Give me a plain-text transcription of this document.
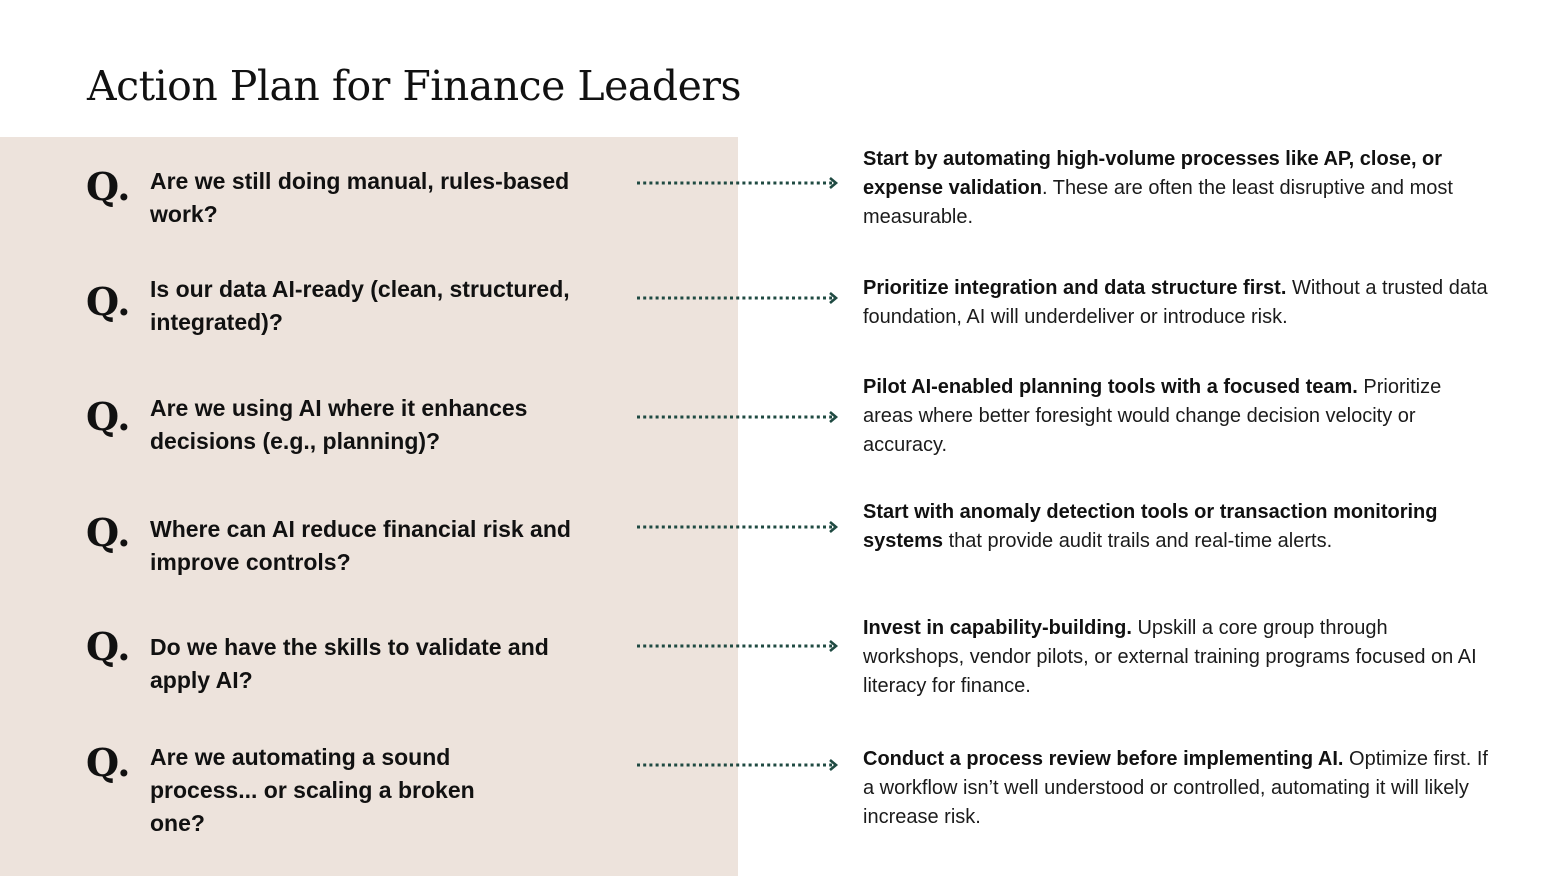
Action Plan for Finance Leaders
Q. Are we still doing manual, rules-based work?
Start by automating high-volume processes like AP, close, or expense validation. These are often the least disruptive and most measurable.
Q. Is our data AI-ready (clean, structured, integrated)?
Prioritize integration and data structure first. Without a trusted data foundation, AI will underdeliver or introduce risk.
Q. Are we using AI where it enhances decisions (e.g., planning)?
Pilot AI-enabled planning tools with a focused team. Prioritize areas where better foresight would change decision velocity or accuracy.
Q. Where can AI reduce financial risk and improve controls?
Start with anomaly detection tools or transaction monitoring systems that provide audit trails and real-time alerts.
Q. Do we have the skills to validate and apply AI?
Invest in capability-building. Upskill a core group through workshops, vendor pilots, or external training programs focused on AI literacy for finance.
Q. Are we automating a sound process... or scaling a broken one?
Conduct a process review before implementing AI. Optimize first. If a workflow isn’t well understood or controlled, automating it will likely increase risk.
